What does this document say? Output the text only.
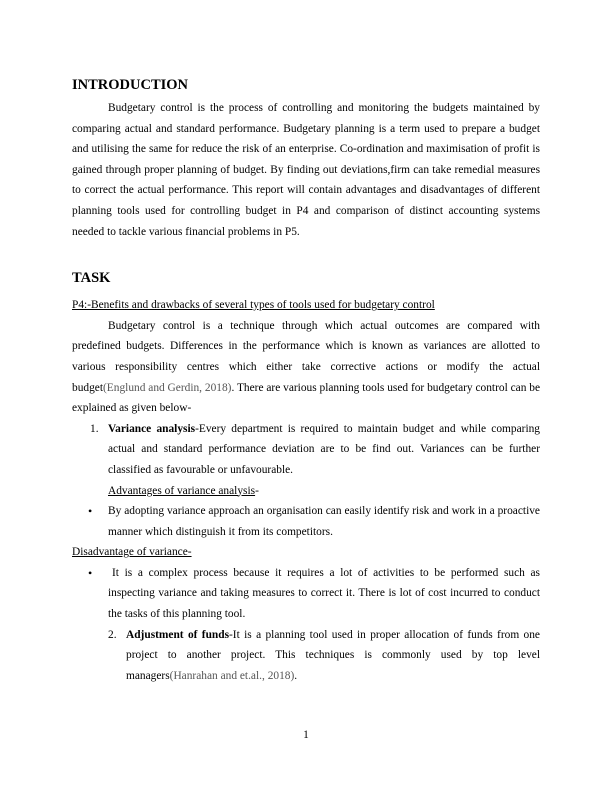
INTRODUCTION

Budgetary control is the process of controlling and monitoring the budgets maintained by comparing actual and standard performance. Budgetary planning is a term used to prepare a budget and utilising the same for reduce the risk of an enterprise. Co-ordination and maximisation of profit is gained through proper planning of budget. By finding out deviations,firm can take remedial measures to correct the actual performance. This report will contain advantages and disadvantages of different planning tools used for controlling budget in P4 and comparison of distinct accounting systems needed to tackle various financial problems in P5.

TASK

P4:-Benefits and drawbacks of several types of tools used for budgetary control

Budgetary control is a technique through which actual outcomes are compared with predefined budgets. Differences in the performance which is known as variances are allotted to various responsibility centres which either take corrective actions or modify the actual budget(Englund and Gerdin, 2018). There are various planning tools used for budgetary control can be explained as given below-

1. Variance analysis-Every department is required to maintain budget and while comparing actual and standard performance deviation are to be find out. Variances can be further classified as favourable or unfavourable.

Advantages of variance analysis-

• By adopting variance approach an organisation can easily identify risk and work in a proactive manner which distinguish it from its competitors.

Disadvantage of variance-

•	It is a complex process because it requires a lot of activities to be performed such as inspecting variance and taking measures to correct it. There is lot of cost incurred to conduct the tasks of this planning tool.

2. Adjustment of funds-It is a planning tool used in proper allocation of funds from one project to another project. This techniques is commonly used by top level managers(Hanrahan and et.al., 2018).

1
